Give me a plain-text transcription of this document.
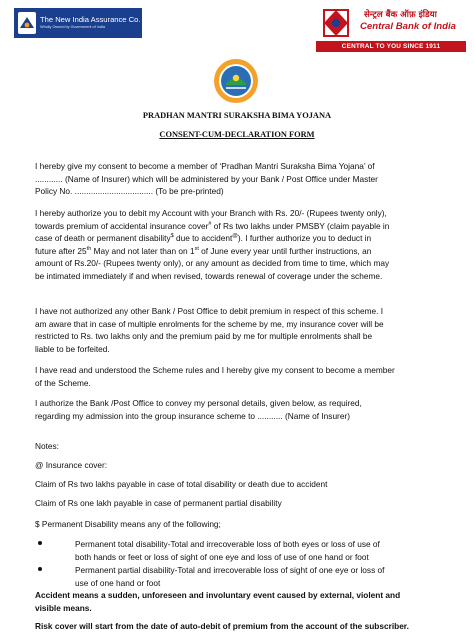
The New India Assurance Co. Ltd
Wholly Owned by Government of India
सेन्ट्रल बैंक ऑफ़ इंडिया
Central Bank of India
CENTRAL TO YOU SINCE 1911
PRADHAN MANTRI SURAKSHA BIMA YOJANA
CONSENT-CUM-DECLARATION FORM
I hereby give my consent to become a member of ‘Pradhan Mantri Suraksha Bima Yojana’ of
............ (Name of Insurer) which will be administered by your Bank / Post Office under Master
Policy No. .................................. (To be pre-printed)
I hereby authorize you to debit my Account with your Branch with Rs. 20/- (Rupees twenty only),
towards premium of accidental insurance cover# of Rs two lakhs under PMSBY (claim payable in
case of death or permanent disability$ due to accident@). I further authorize you to deduct in
future after 25th May and not later than on 1st of June every year until further instructions, an
amount of Rs.20/- (Rupees twenty only), or any amount as decided from time to time, which may
be intimated immediately if and when revised, towards renewal of coverage under the scheme.
I have not authorized any other Bank / Post Office to debit premium in respect of this scheme. I
am aware that in case of multiple enrolments for the scheme by me, my insurance cover will be
restricted to Rs. two lakhs only and the premium paid by me for multiple enrolments shall be
liable to be forfeited.
I have read and understood the Scheme rules and I hereby give my consent to become a member
of the Scheme.
I authorize the Bank /Post Office to convey my personal details, given below, as required,
regarding my admission into the group insurance scheme to ........... (Name of Insurer)
Notes:
@ Insurance cover:
Claim of Rs two lakhs payable in case of total disability or death due to accident
Claim of Rs one lakh payable in case of permanent partial disability
$ Permanent Disability means any of the following;
Permanent total disability-Total and irrecoverable loss of both eyes or loss of use of
both hands or feet or loss of sight of one eye and loss of use of one hand or foot
Permanent partial disability-Total and irrecoverable loss of sight of one eye or loss of
use of one hand or foot
Accident means a sudden, unforeseen and involuntary event caused by external, violent and
visible means.
Risk cover will start from the date of auto-debit of premium from the account of the subscriber.
